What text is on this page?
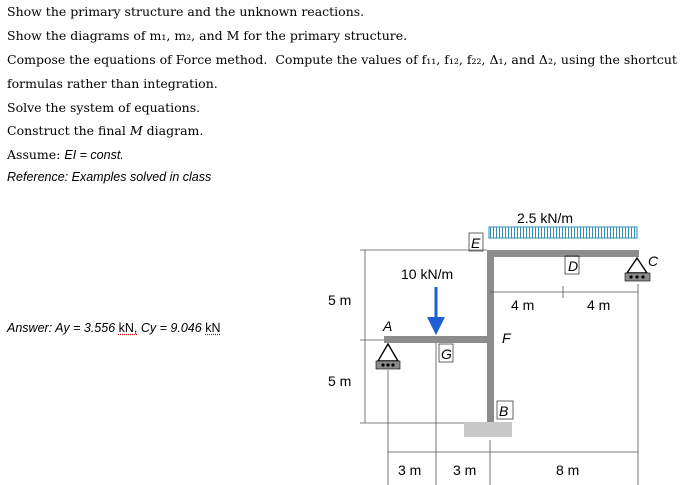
Show the primary structure and the unknown reactions.
Show the diagrams of m₁, m₂, and M for the primary structure.
Compose the equations of Force method. Compute the values of f₁₁, f₁₂, f₂₂, Δ₁, and Δ₂, using the shortcut
formulas rather than integration.
Solve the system of equations.
Construct the final M diagram.
Assume: EI = const.
Reference: Examples solved in class
Answer: Ay = 3.556 kN, Cy = 9.046 kN
2.5 kN/m
10 kN/m
A
B
C
D
E
F
G
5 m
5 m
4 m	4 m
3 m 3 m	8 m
